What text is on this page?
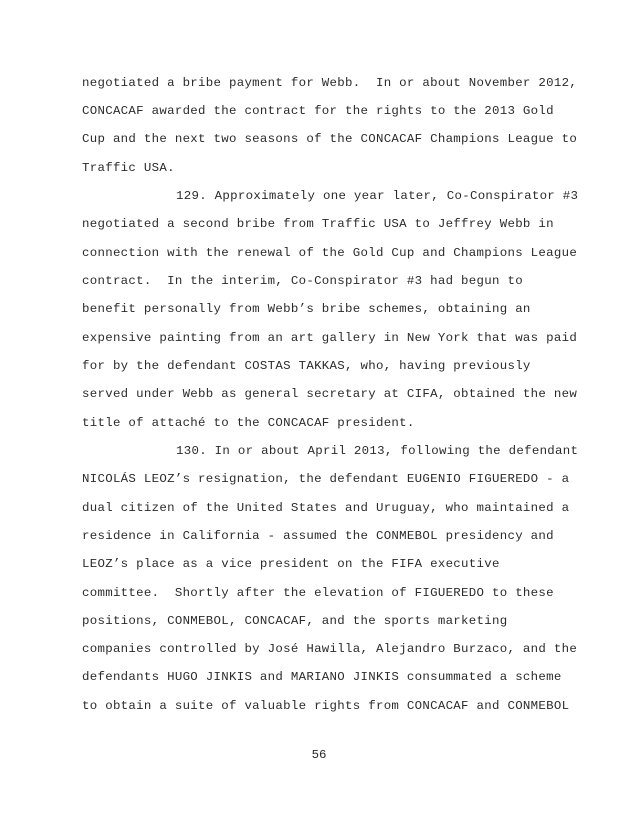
negotiated a bribe payment for Webb.  In or about November 2012,
CONCACAF awarded the contract for the rights to the 2013 Gold
Cup and the next two seasons of the CONCACAF Champions League to
Traffic USA.
129. Approximately one year later, Co-Conspirator #3
negotiated a second bribe from Traffic USA to Jeffrey Webb in
connection with the renewal of the Gold Cup and Champions League
contract.  In the interim, Co-Conspirator #3 had begun to
benefit personally from Webb’s bribe schemes, obtaining an
expensive painting from an art gallery in New York that was paid
for by the defendant COSTAS TAKKAS, who, having previously
served under Webb as general secretary at CIFA, obtained the new
title of attaché to the CONCACAF president.
130. In or about April 2013, following the defendant
NICOLÁS LEOZ’s resignation, the defendant EUGENIO FIGUEREDO - a
dual citizen of the United States and Uruguay, who maintained a
residence in California - assumed the CONMEBOL presidency and
LEOZ’s place as a vice president on the FIFA executive
committee.  Shortly after the elevation of FIGUEREDO to these
positions, CONMEBOL, CONCACAF, and the sports marketing
companies controlled by José Hawilla, Alejandro Burzaco, and the
defendants HUGO JINKIS and MARIANO JINKIS consummated a scheme
to obtain a suite of valuable rights from CONCACAF and CONMEBOL
56
